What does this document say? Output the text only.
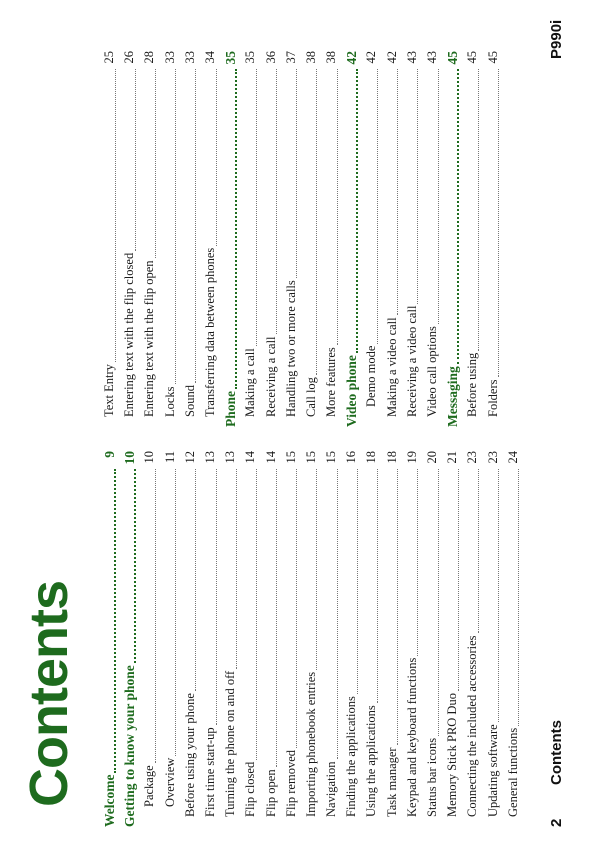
Contents Welcome
9
Getting to know your phone
10
Package
10
Overview
11
Before using your phone
12
First time start-up
13
Turning the phone on and off
13
Flip closed
14
Flip open
14
Flip removed
15
Importing phonebook entries
15
Navigation
15
Finding the applications
16
Using the applications
18
Task manager
18
Keypad and keyboard functions
19
Status bar icons
20
Memory Stick PRO Duo
21
Connecting the included accessories
23
Updating software
23
General functions
24
Text Entry
25
Entering text with the flip closed
26
Entering text with the flip open
28
Locks
33
Sound
33
Transferring data between phones
34
Phone
35
Making a call
35
Receiving a call
36
Handling two or more calls
37
Call log
38
More features
38
Video phone
42
Demo mode
42
Making a video call
42
Receiving a video call
43
Video call options
43
Messaging
45
Before using
45
Folders
45
2
Contents
P990i
